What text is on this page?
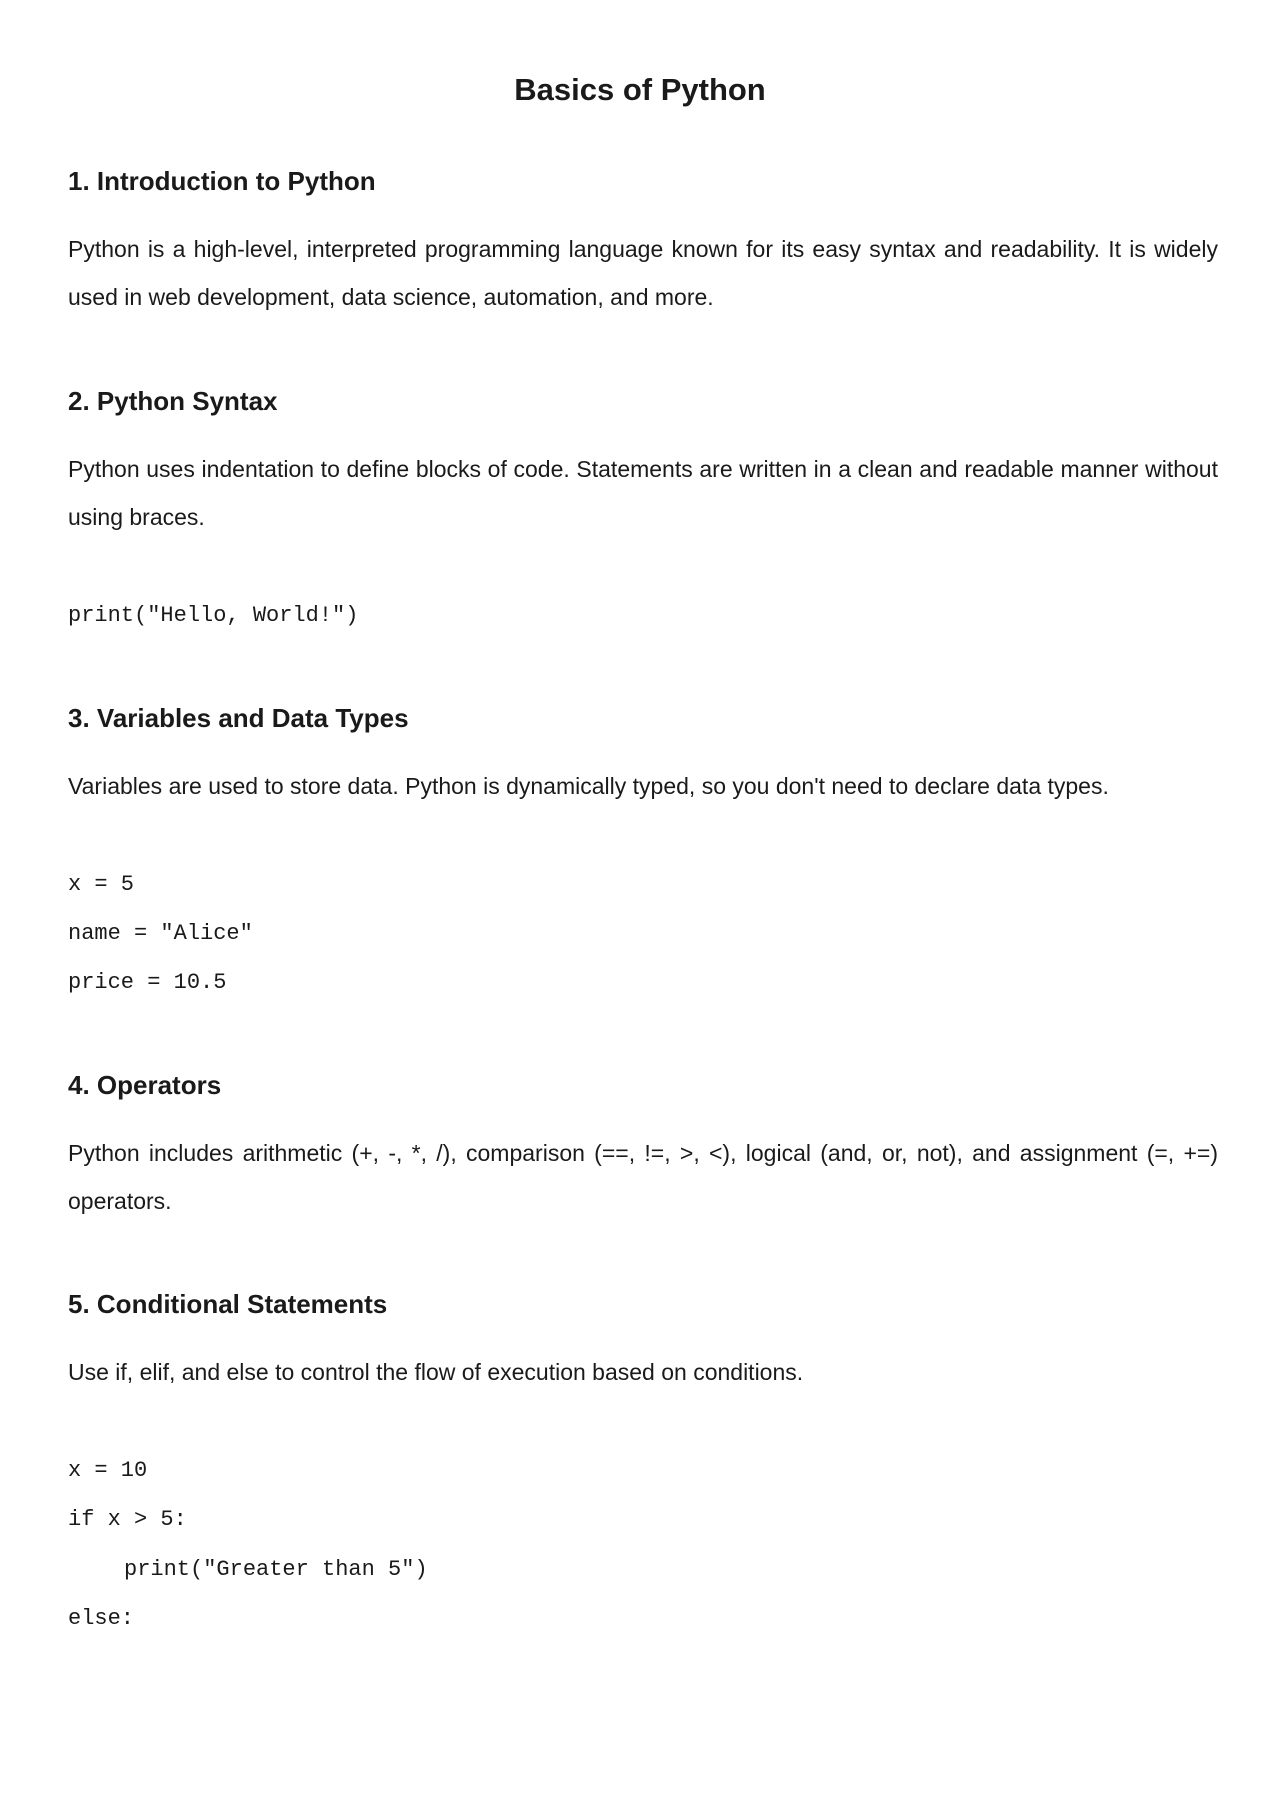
Basics of Python
1. Introduction to Python

Python is a high-level, interpreted programming language known for its easy syntax and readability. It is widely used in web development, data science, automation, and more.

2. Python Syntax

Python uses indentation to define blocks of code. Statements are written in a clean and readable manner without using braces.

print("Hello, World!")
3. Variables and Data Types

Variables are used to store data. Python is dynamically typed, so you don't need to declare data types.

x = 5
name = "Alice"
price = 10.5
4. Operators

Python includes arithmetic (+, -, *, /), comparison (==, !=, >, <), logical (and, or, not), and assignment (=, +=) operators.

5. Conditional Statements

Use if, elif, and else to control the flow of execution based on conditions.

x = 10
if x > 5:
print("Greater than 5")
else:
